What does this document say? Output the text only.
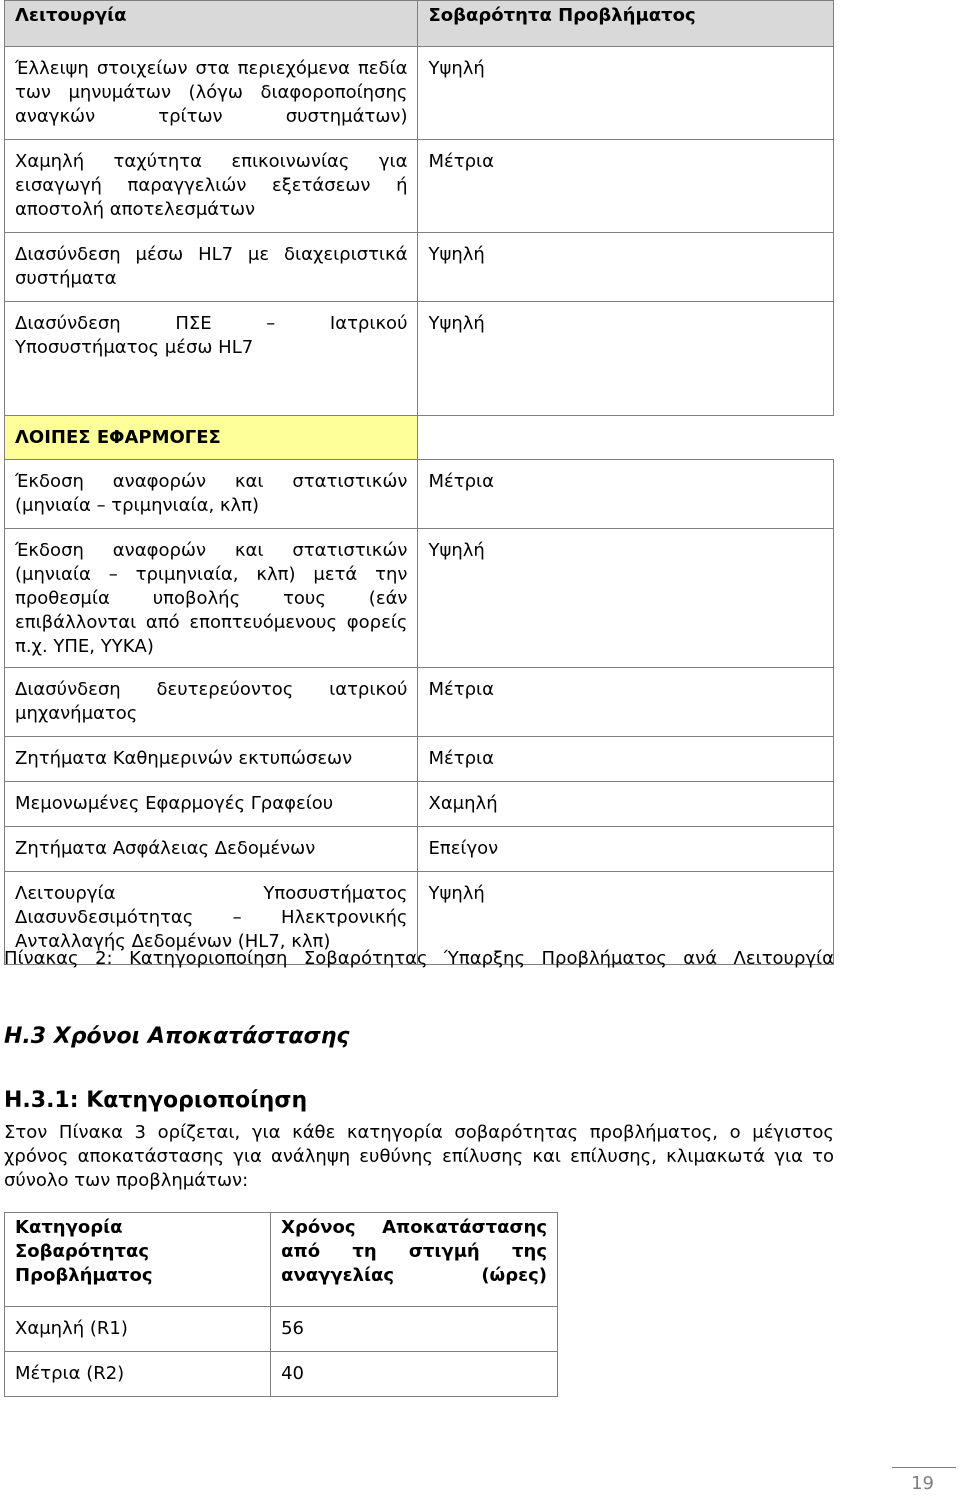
Λειτουργία	Σοβαρότητα Προβλήματος
Έλλειψη στοιχείων στα περιεχόμενα πεδία των μηνυμάτων (λόγω διαφοροποίησης αναγκών τρίτων συστημάτων)	Υψηλή
Χαμηλή ταχύτητα επικοινωνίας για εισαγωγή παραγγελιών εξετάσεων ή αποστολή αποτελεσμάτων	Μέτρια
Διασύνδεση μέσω HL7 με διαχειριστικά συστήματα	Υψηλή
Διασύνδεση ΠΣΕ – Ιατρικού Υποσυστήματος μέσω HL7	Υψηλή
ΛΟΙΠΕΣ ΕΦΑΡΜΟΓΕΣ	
Έκδοση αναφορών και στατιστικών (μηνιαία – τριμηνιαία, κλπ)	Μέτρια
Έκδοση αναφορών και στατιστικών (μηνιαία – τριμηνιαία, κλπ) μετά την προθεσμία υποβολής τους (εάν επιβάλλονται από εποπτευόμενους φορείς π.χ. ΥΠΕ, ΥΥΚΑ)	Υψηλή
Διασύνδεση δευτερεύοντος ιατρικού μηχανήματος	Μέτρια
Ζητήματα Καθημερινών εκτυπώσεων	Μέτρια
Μεμονωμένες Εφαρμογές Γραφείου	Χαμηλή
Ζητήματα Ασφάλειας Δεδομένων	Επείγον
Λειτουργία Υποσυστήματος Διασυνδεσιμότητας – Ηλεκτρονικής Ανταλλαγής Δεδομένων (HL7, κλπ)	Υψηλή
Πίνακας 2: Κατηγοριοποίηση Σοβαρότητας Ύπαρξης Προβλήματος ανά Λειτουργία
Η.3 Χρόνοι Αποκατάστασης
Η.3.1: Κατηγοριοποίηση
Στον Πίνακα 3 ορίζεται, για κάθε κατηγορία σοβαρότητας προβλήματος, ο μέγιστος χρόνος αποκατάστασης για ανάληψη ευθύνης επίλυσης και επίλυσης, κλιμακωτά για το σύνολο των προβλημάτων:
Κατηγορία Σοβαρότητας Προβλήματος	Χρόνος Αποκατάστασης από τη στιγμή της αναγγελίας (ώρες)
Χαμηλή (R1)	56
Μέτρια (R2)	40
19
